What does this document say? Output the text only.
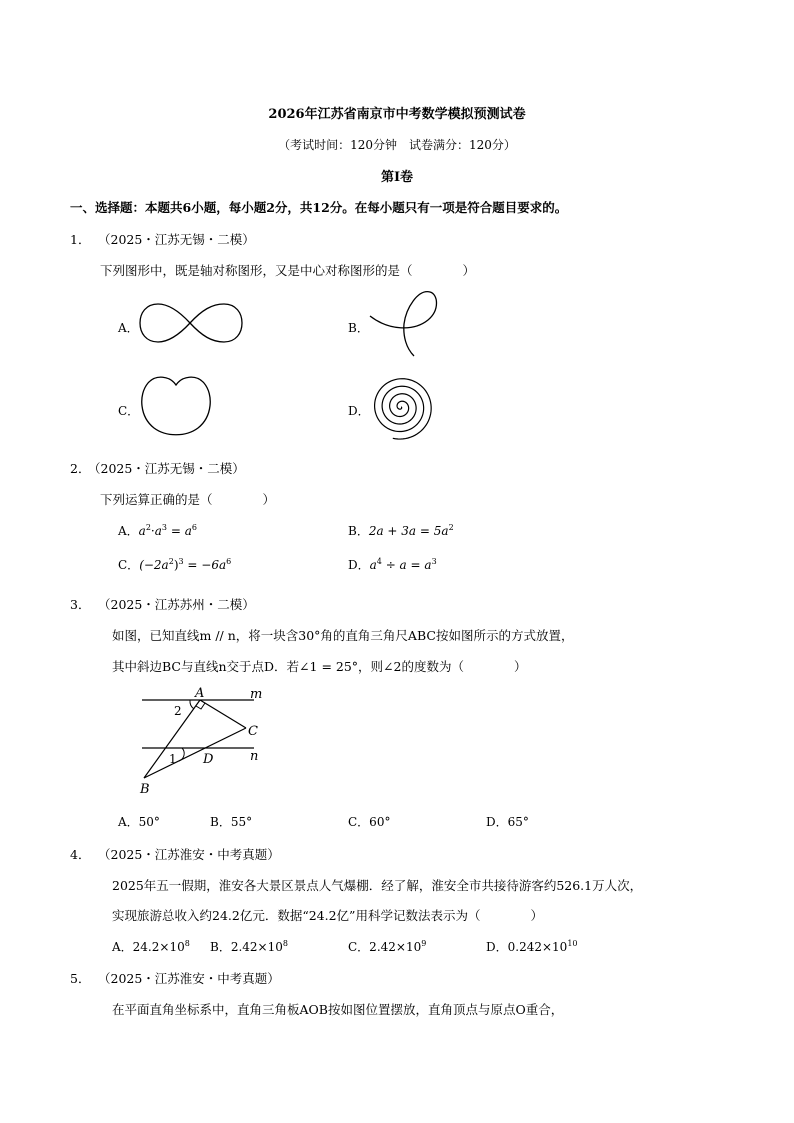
2026年江苏省南京市中考数学模拟预测试卷
（考试时间：120分钟　试卷满分：120分）
第Ⅰ卷
一、选择题：本题共6小题，每小题2分，共12分。在每小题只有一项是符合题目要求的。
1． （2025・江苏无锡・二模）
下列图形中，既是轴对称图形，又是中心对称图形的是（　　　　）
A．	B．
C．	D．
2．
（2025・江苏无锡・二模）
下列运算正确的是（　　　　）
A．$a^2\cdot a^3 = a^6$	B．$2a + 3a = 5a^2$
C．$(-2a^2)^3 = -6a^6$	D．$a^4 \div a = a^3$
3． （2025・江苏苏州・二模）
如图，已知直线m // n，将一块含30°角的直角三角尺ABC按如图所示的方式放置，
其中斜边BC与直线n交于点D．若∠1 = 25°，则∠2的度数为（　　　　）
A	m
2
C
1 D	n
B
A．50°	B．55°	C．60°	D．65°
4． （2025・江苏淮安・中考真题）
2025年五一假期，淮安各大景区景点人气爆棚．经了解，淮安全市共接待游客约526.1万人次，
实现旅游总收入约24.2亿元．数据“24.2亿”用科学记数法表示为（　　　　）
A．$24.2\times 10^8$ B．$2.42\times 10^8$	C．$2.42\times 10^9$	D．$0.242\times 10^{10}$
5． （2025・江苏淮安・中考真题）
在平面直角坐标系中，直角三角板AOB按如图位置摆放，直角顶点与原点O重合，
